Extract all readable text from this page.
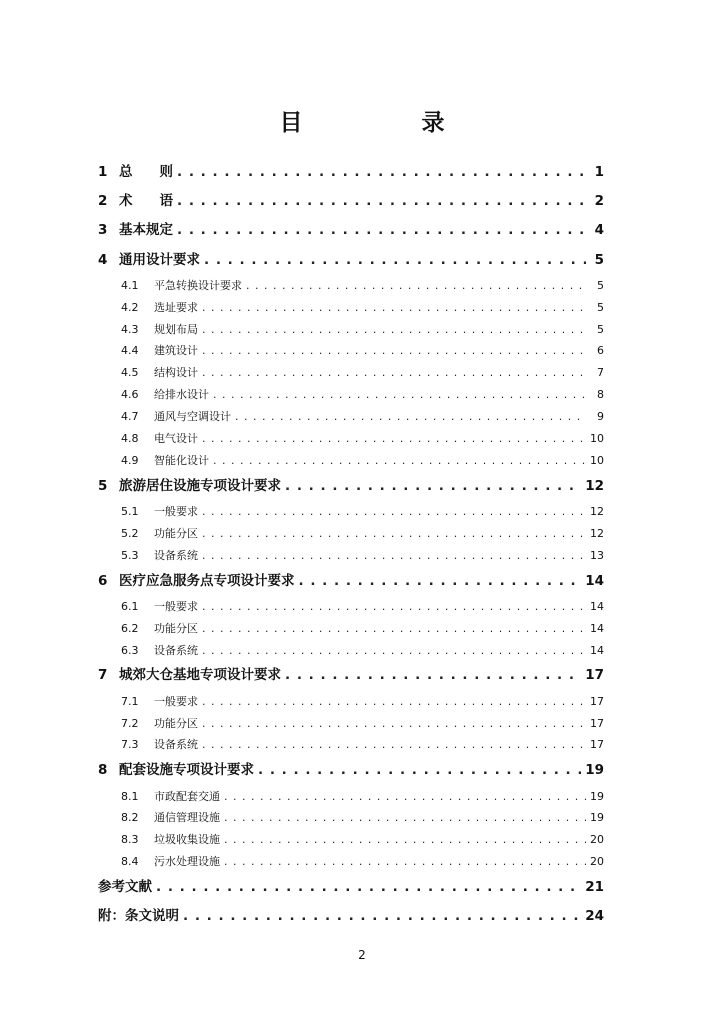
目　录
1 总　　则 . . .	1
2 术　　语 . . .	2
3 基本规定 . . .	4
4 通用设计要求 . . .	5
4.1	平急转换设计要求 . . .	5
4.2	选址要求 . . .	5
4.3	规划布局 . . .	5
4.4	建筑设计 . . .	6
4.5	结构设计 . . .	7
4.6	给排水设计 . . .	8
4.7	通风与空调设计 . . .	9
4.8	电气设计 . . .	10
4.9	智能化设计 . . .	10
5 旅游居住设施专项设计要求 . . .	12
5.1	一般要求 . . .	12
5.2	功能分区 . . .	12
5.3	设备系统 . . .	13
6 医疗应急服务点专项设计要求 . . .	14
6.1	一般要求 . . .	14
6.2	功能分区 . . .	14
6.3	设备系统 . . .	14
7 城郊大仓基地专项设计要求 . . .	17
7.1	一般要求 . . .	17
7.2	功能分区 . . .	17
7.3	设备系统 . . .	17
8 配套设施专项设计要求 . . .	19
8.1	市政配套交通 . . .	19
8.2	通信管理设施 . . .	19
8.3	垃圾收集设施 . . .	20
8.4	污水处理设施 . . .	20
参考文献 . . .	21
附：条文说明 . . .	24
2
